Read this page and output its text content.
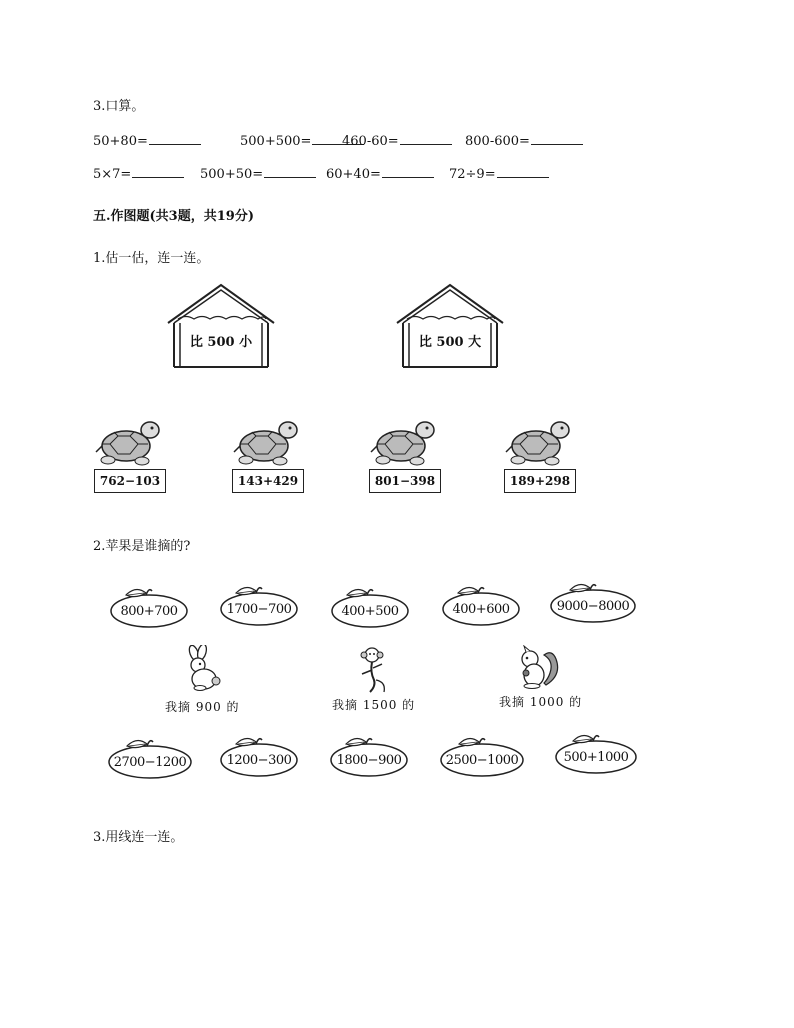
3.口算。
50+80=	500+500=	460-60=	800-600=
5×7=	500+50=	60+40=	72÷9=
五.作图题(共3题，共19分)
1.估一估，连一连。
比 500 小	比 500 大
762−103	143+429	801−398	189+298
2.苹果是谁摘的?
800+700	1700−700	400+500	400+600	9000−8000
我摘 900 的	我摘 1500 的	我摘 1000 的
2700−1200	1200−300	1800−900	2500−1000	500+1000
3.用线连一连。
